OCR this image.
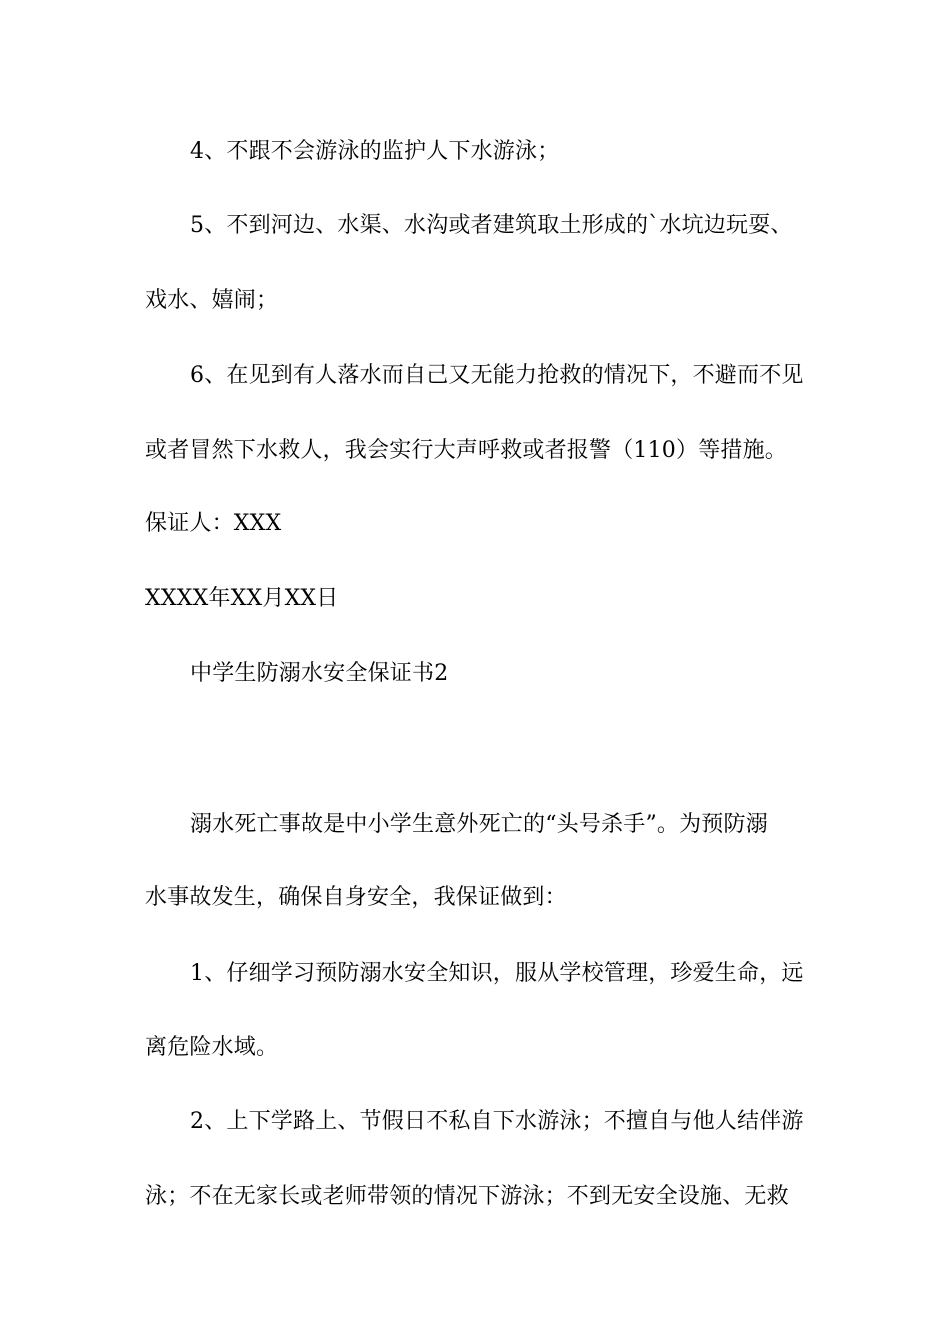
4、不跟不会游泳的监护人下水游泳；
5、不到河边、水渠、水沟或者建筑取土形成的`水坑边玩耍、
戏水、嬉闹；
6、在见到有人落水而自己又无能力抢救的情况下，不避而不见
或者冒然下水救人，我会实行大声呼救或者报警（110）等措施。
保证人：XXX
XXXX年XX月XX日
中学生防溺水安全保证书2
溺水死亡事故是中小学生意外死亡的“头号杀手”。为预防溺
水事故发生，确保自身安全，我保证做到：
1、仔细学习预防溺水安全知识，服从学校管理，珍爱生命，远
离危险水域。
2、上下学路上、节假日不私自下水游泳；不擅自与他人结伴游
泳；不在无家长或老师带领的情况下游泳；不到无安全设施、无救
